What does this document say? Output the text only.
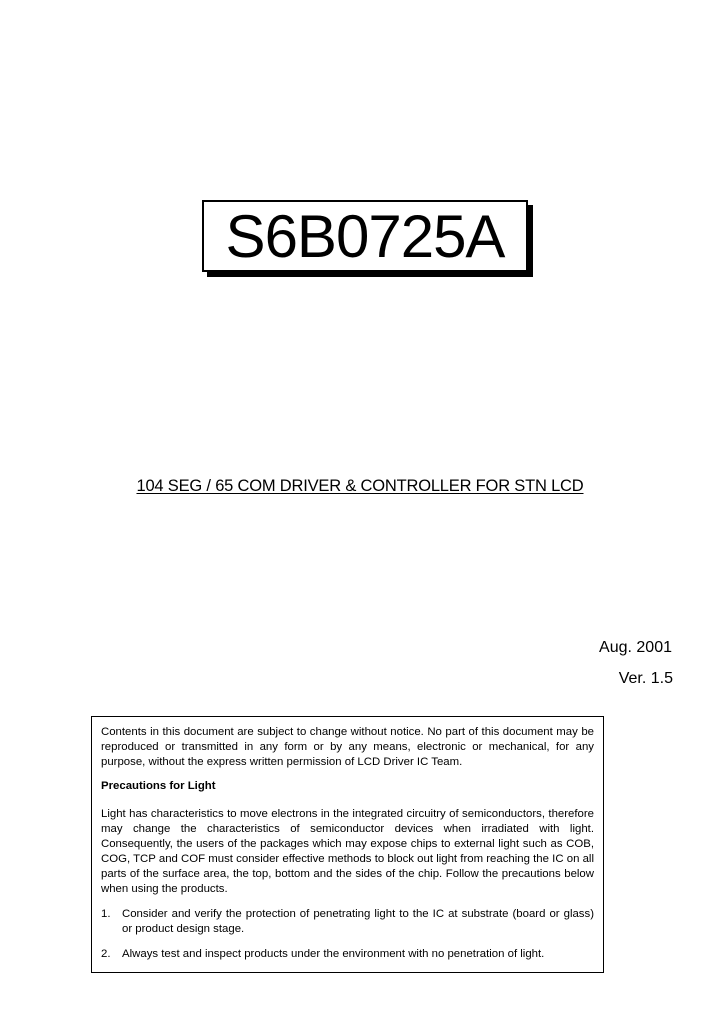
S6B0725A
104 SEG / 65 COM DRIVER & CONTROLLER FOR STN LCD
Aug. 2001
Ver. 1.5

Contents in this document are subject to change without notice. No part of this document may be reproduced or transmitted in any form or by any means, electronic or mechanical, for any purpose, without the express written permission of LCD Driver IC Team.

Precautions for Light

Light has characteristics to move electrons in the integrated circuitry of semiconductors, therefore may change the characteristics of semiconductor devices when irradiated with light. Consequently, the users of the packages which may expose chips to external light such as COB, COG, TCP and COF must consider effective methods to block out light from reaching the IC on all parts of the surface area, the top, bottom and the sides of the chip. Follow the precautions below when using the products.

1.	Consider and verify the protection of penetrating light to the IC at substrate (board or glass) or product design stage.
2.	Always test and inspect products under the environment with no penetration of light.
